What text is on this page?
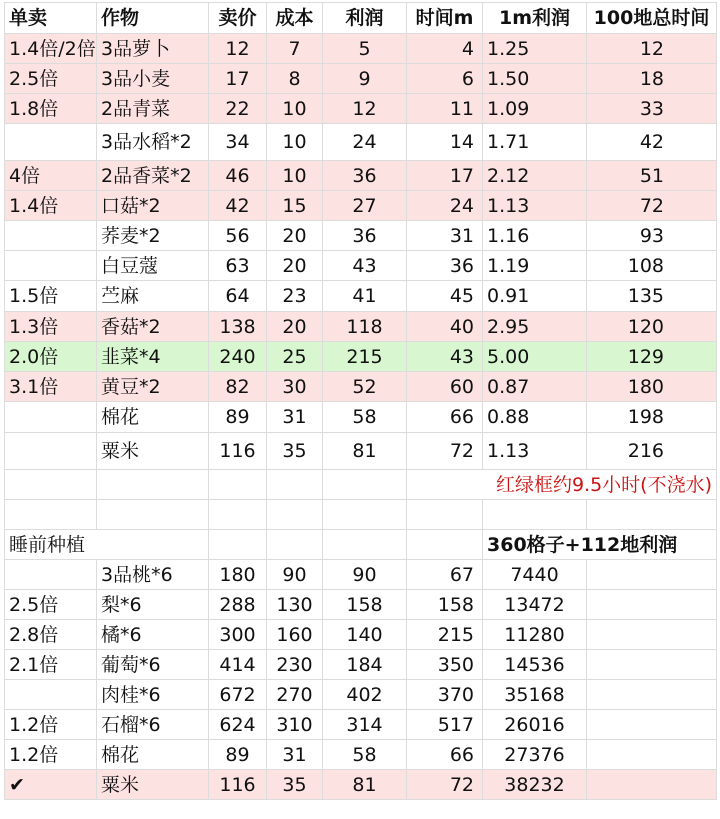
单卖	作物	卖价	成本	利润	时间m	1m利润	100地总时间
1.4倍/2倍	3品萝卜	12	7	5	4	1.25	12
2.5倍	3品小麦	17	8	9	6	1.50	18
1.8倍	2品青菜	22	10	12	11	1.09	33
	3品水稻*2	34	10	24	14	1.71	42
4倍	2品香菜*2	46	10	36	17	2.12	51
1.4倍	口菇*2	42	15	27	24	1.13	72
	荞麦*2	56	20	36	31	1.16	93
	白豆蔻	63	20	43	36	1.19	108
1.5倍	苎麻	64	23	41	45	0.91	135
1.3倍	香菇*2	138	20	118	40	2.95	120
2.0倍	韭菜*4	240	25	215	43	5.00	129
3.1倍	黄豆*2	82	30	52	60	0.87	180
	棉花	89	31	58	66	0.88	198
	粟米	116	35	81	72	1.13	216
					红绿框约9.5小时(不浇水)		

睡前种植						360格子+112地利润	
	3品桃*6	180	90	90	67	7440	
2.5倍	梨*6	288	130	158	158	13472	
2.8倍	橘*6	300	160	140	215	11280	
2.1倍	葡萄*6	414	230	184	350	14536	
	肉桂*6	672	270	402	370	35168	
1.2倍	石榴*6	624	310	314	517	26016	
1.2倍	棉花	89	31	58	66	27376	
✔	粟米	116	35	81	72	38232	
